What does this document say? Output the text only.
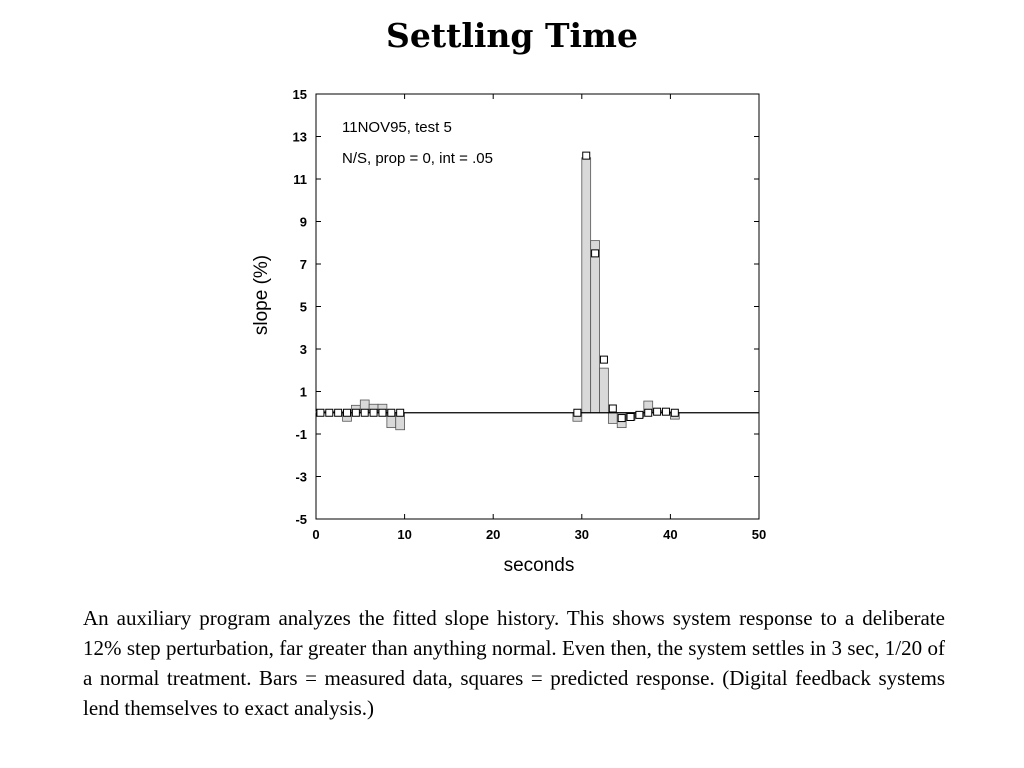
Settling Time
15
13
11
9
7
5
3
1
-1
-3
-5
0	10	20	30	40	50
11NOV95, test 5
N/S, prop = 0, int = .05
seconds
slope (%)
An auxiliary program analyzes the fitted slope history. This shows system response to a deliberate 12% step perturbation, far greater than anything normal. Even then, the system settles in 3 sec, 1/20 of a normal treatment. Bars = measured data, squares = predicted response. (Digital feedback systems lend themselves to exact analysis.)
